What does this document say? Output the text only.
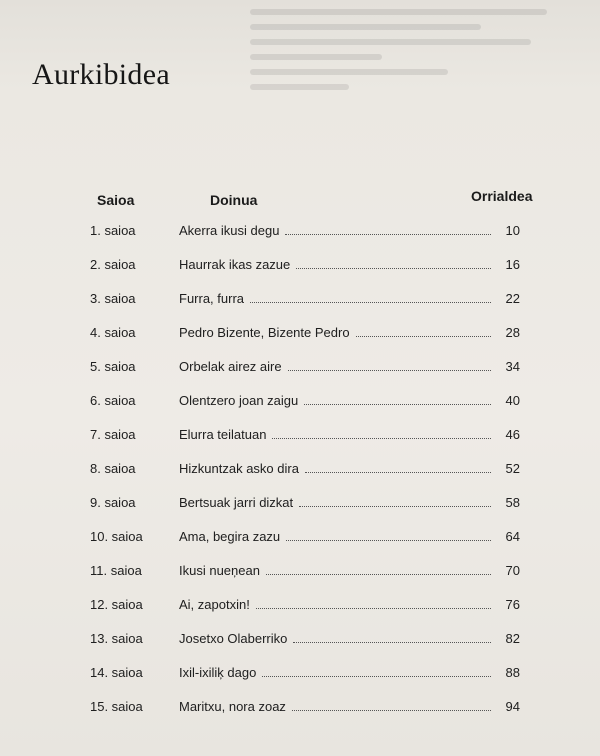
Aurkibidea
Saioa	Doinua	Orrialdea
1. saioa	Akerra ikusi degu	10
2. saioa	Haurrak ikas zazue	16
3. saioa	Furra, furra	22
4. saioa	Pedro Bizente, Bizente Pedro	28
5. saioa	Orbelak airez aire	34
6. saioa	Olentzero joan zaigu	40
7. saioa	Elurra teilatuan	46
8. saioa	Hizkuntzak asko dira	52
9. saioa	Bertsuak jarri dizkat	58
10. saioa	Ama, begira zazu	64
11. saioa	Ikusi nueņean	70
12. saioa	Ai, zapotxin!	76
13. saioa	Josetxo Olaberriko	82
14. saioa	Ixil-ixiliķ dago	88
15. saioa	Maritxu, nora zoaz	94
